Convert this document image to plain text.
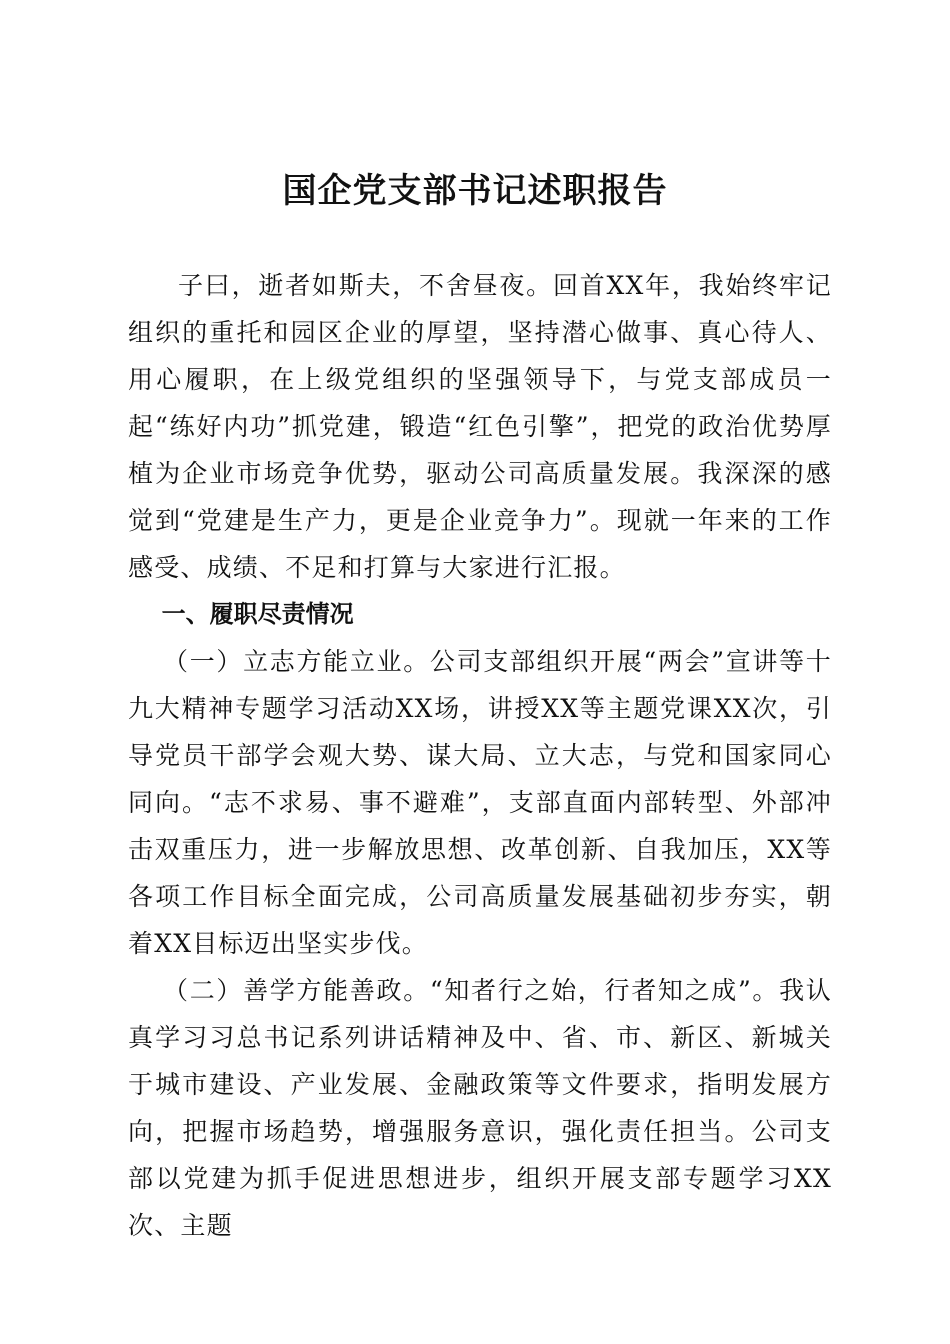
国企党支部书记述职报告

子曰，逝者如斯夫，不舍昼夜。回首XX年，我始终牢记组织的重托和园区企业的厚望，坚持潜心做事、真心待人、用心履职，在上级党组织的坚强领导下，与党支部成员一起“练好内功”抓党建，锻造“红色引擎”，把党的政治优势厚植为企业市场竞争优势，驱动公司高质量发展。我深深的感觉到“党建是生产力，更是企业竞争力”。现就一年来的工作感受、成绩、不足和打算与大家进行汇报。

一、履职尽责情况

（一）立志方能立业。公司支部组织开展“两会”宣讲等十九大精神专题学习活动XX场，讲授XX等主题党课XX次，引导党员干部学会观大势、谋大局、立大志，与党和国家同心同向。“志不求易、事不避难”，支部直面内部转型、外部冲击双重压力，进一步解放思想、改革创新、自我加压，XX等各项工作目标全面完成，公司高质量发展基础初步夯实，朝着XX目标迈出坚实步伐。

（二）善学方能善政。“知者行之始，行者知之成”。我认真学习习总书记系列讲话精神及中、省、市、新区、新城关于城市建设、产业发展、金融政策等文件要求，指明发展方向，把握市场趋势，增强服务意识，强化责任担当。公司支部以党建为抓手促进思想进步，组织开展支部专题学习XX次、主题
